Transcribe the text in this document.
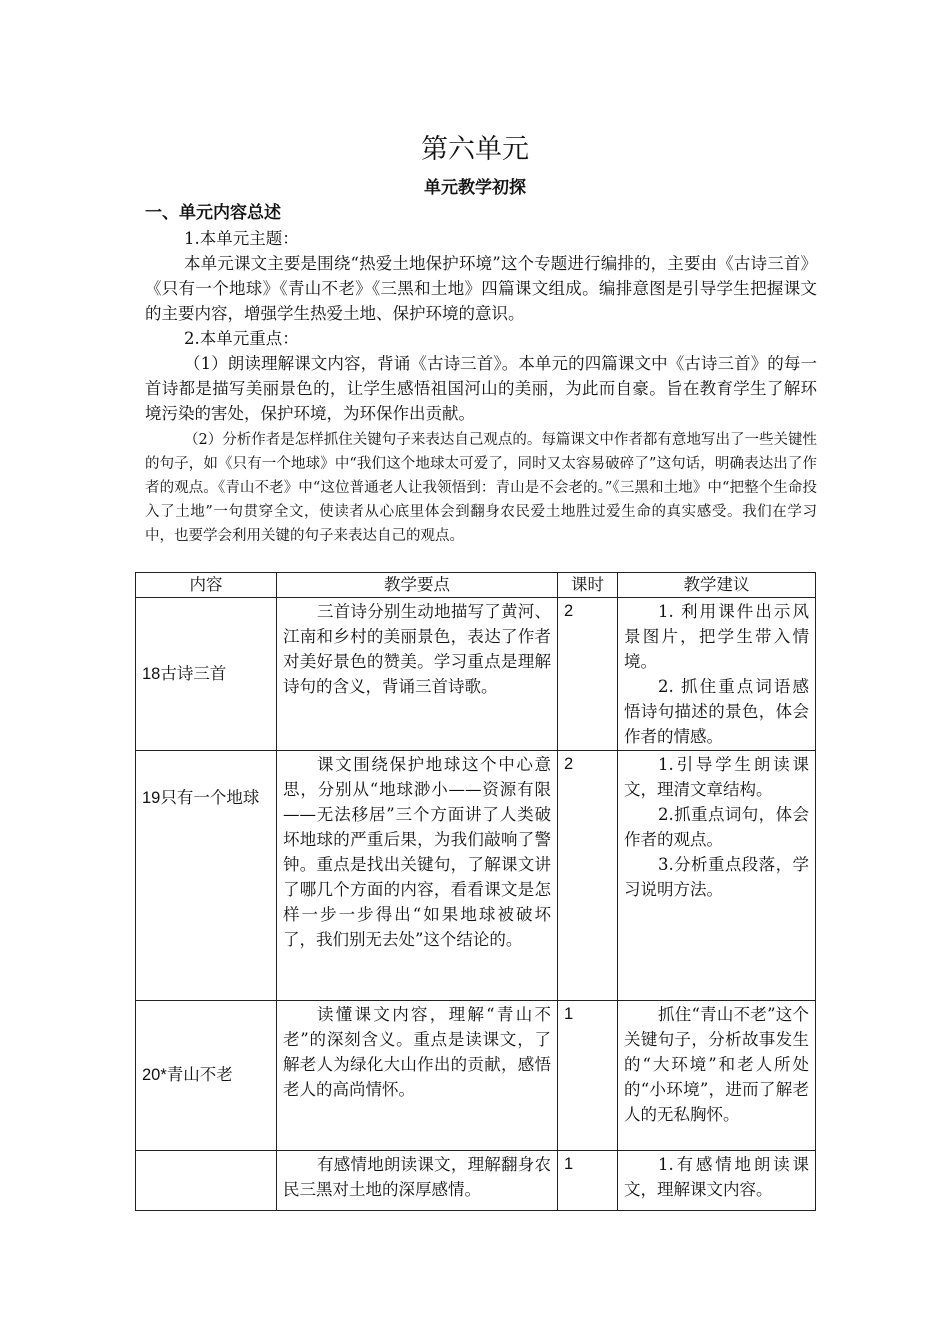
第六单元
单元教学初探
一、单元内容总述
1.本单元主题：
本单元课文主要是围绕“热爱土地保护环境”这个专题进行编排的，主要由《古诗三首》《只有一个地球》《青山不老》《三黑和土地》四篇课文组成。编排意图是引导学生把握课文的主要内容，增强学生热爱土地、保护环境的意识。
2.本单元重点：
（1）朗读理解课文内容，背诵《古诗三首》。本单元的四篇课文中《古诗三首》的每一首诗都是描写美丽景色的，让学生感悟祖国河山的美丽，为此而自豪。旨在教育学生了解环境污染的害处，保护环境，为环保作出贡献。
（2）分析作者是怎样抓住关键句子来表达自己观点的。每篇课文中作者都有意地写出了一些关键性的句子，如《只有一个地球》中“我们这个地球太可爱了，同时又太容易破碎了”这句话，明确表达出了作者的观点。《青山不老》中“这位普通老人让我领悟到：青山是不会老的。”《三黑和土地》中“把整个生命投入了土地”一句贯穿全文，使读者从心底里体会到翻身农民爱土地胜过爱生命的真实感受。我们在学习中，也要学会利用关键的句子来表达自己的观点。
内容	教学要点	课时	教学建议
18古诗三首	三首诗分别生动地描写了黄河、江南和乡村的美丽景色，表达了作者对美好景色的赞美。学习重点是理解诗句的含义，背诵三首诗歌。	2	1. 利用课件出示风景图片，把学生带入情境。
2. 抓住重点词语感悟诗句描述的景色，体会作者的情感。

19只有一个地球	课文围绕保护地球这个中心意思，分别从“地球渺小——资源有限——无法移居”三个方面讲了人类破坏地球的严重后果，为我们敲响了警钟。重点是找出关键句，了解课文讲了哪几个方面的内容，看看课文是怎样一步一步得出“如果地球被破坏了，我们别无去处”这个结论的。	2	1.引导学生朗读课文，理清文章结构。
2.抓重点词句，体会作者的观点。
3.分析重点段落，学习说明方法。

20*青山不老	读懂课文内容，理解“青山不老”的深刻含义。重点是读课文，了解老人为绿化大山作出的贡献，感悟老人的高尚情怀。	1	抓住“青山不老”这个关键句子，分析故事发生的“大环境”和老人所处的“小环境”，进而了解老人的无私胸怀。

	有感情地朗读课文，理解翻身农民三黑对土地的深厚感情。	1	1.有感情地朗读课文，理解课文内容。
